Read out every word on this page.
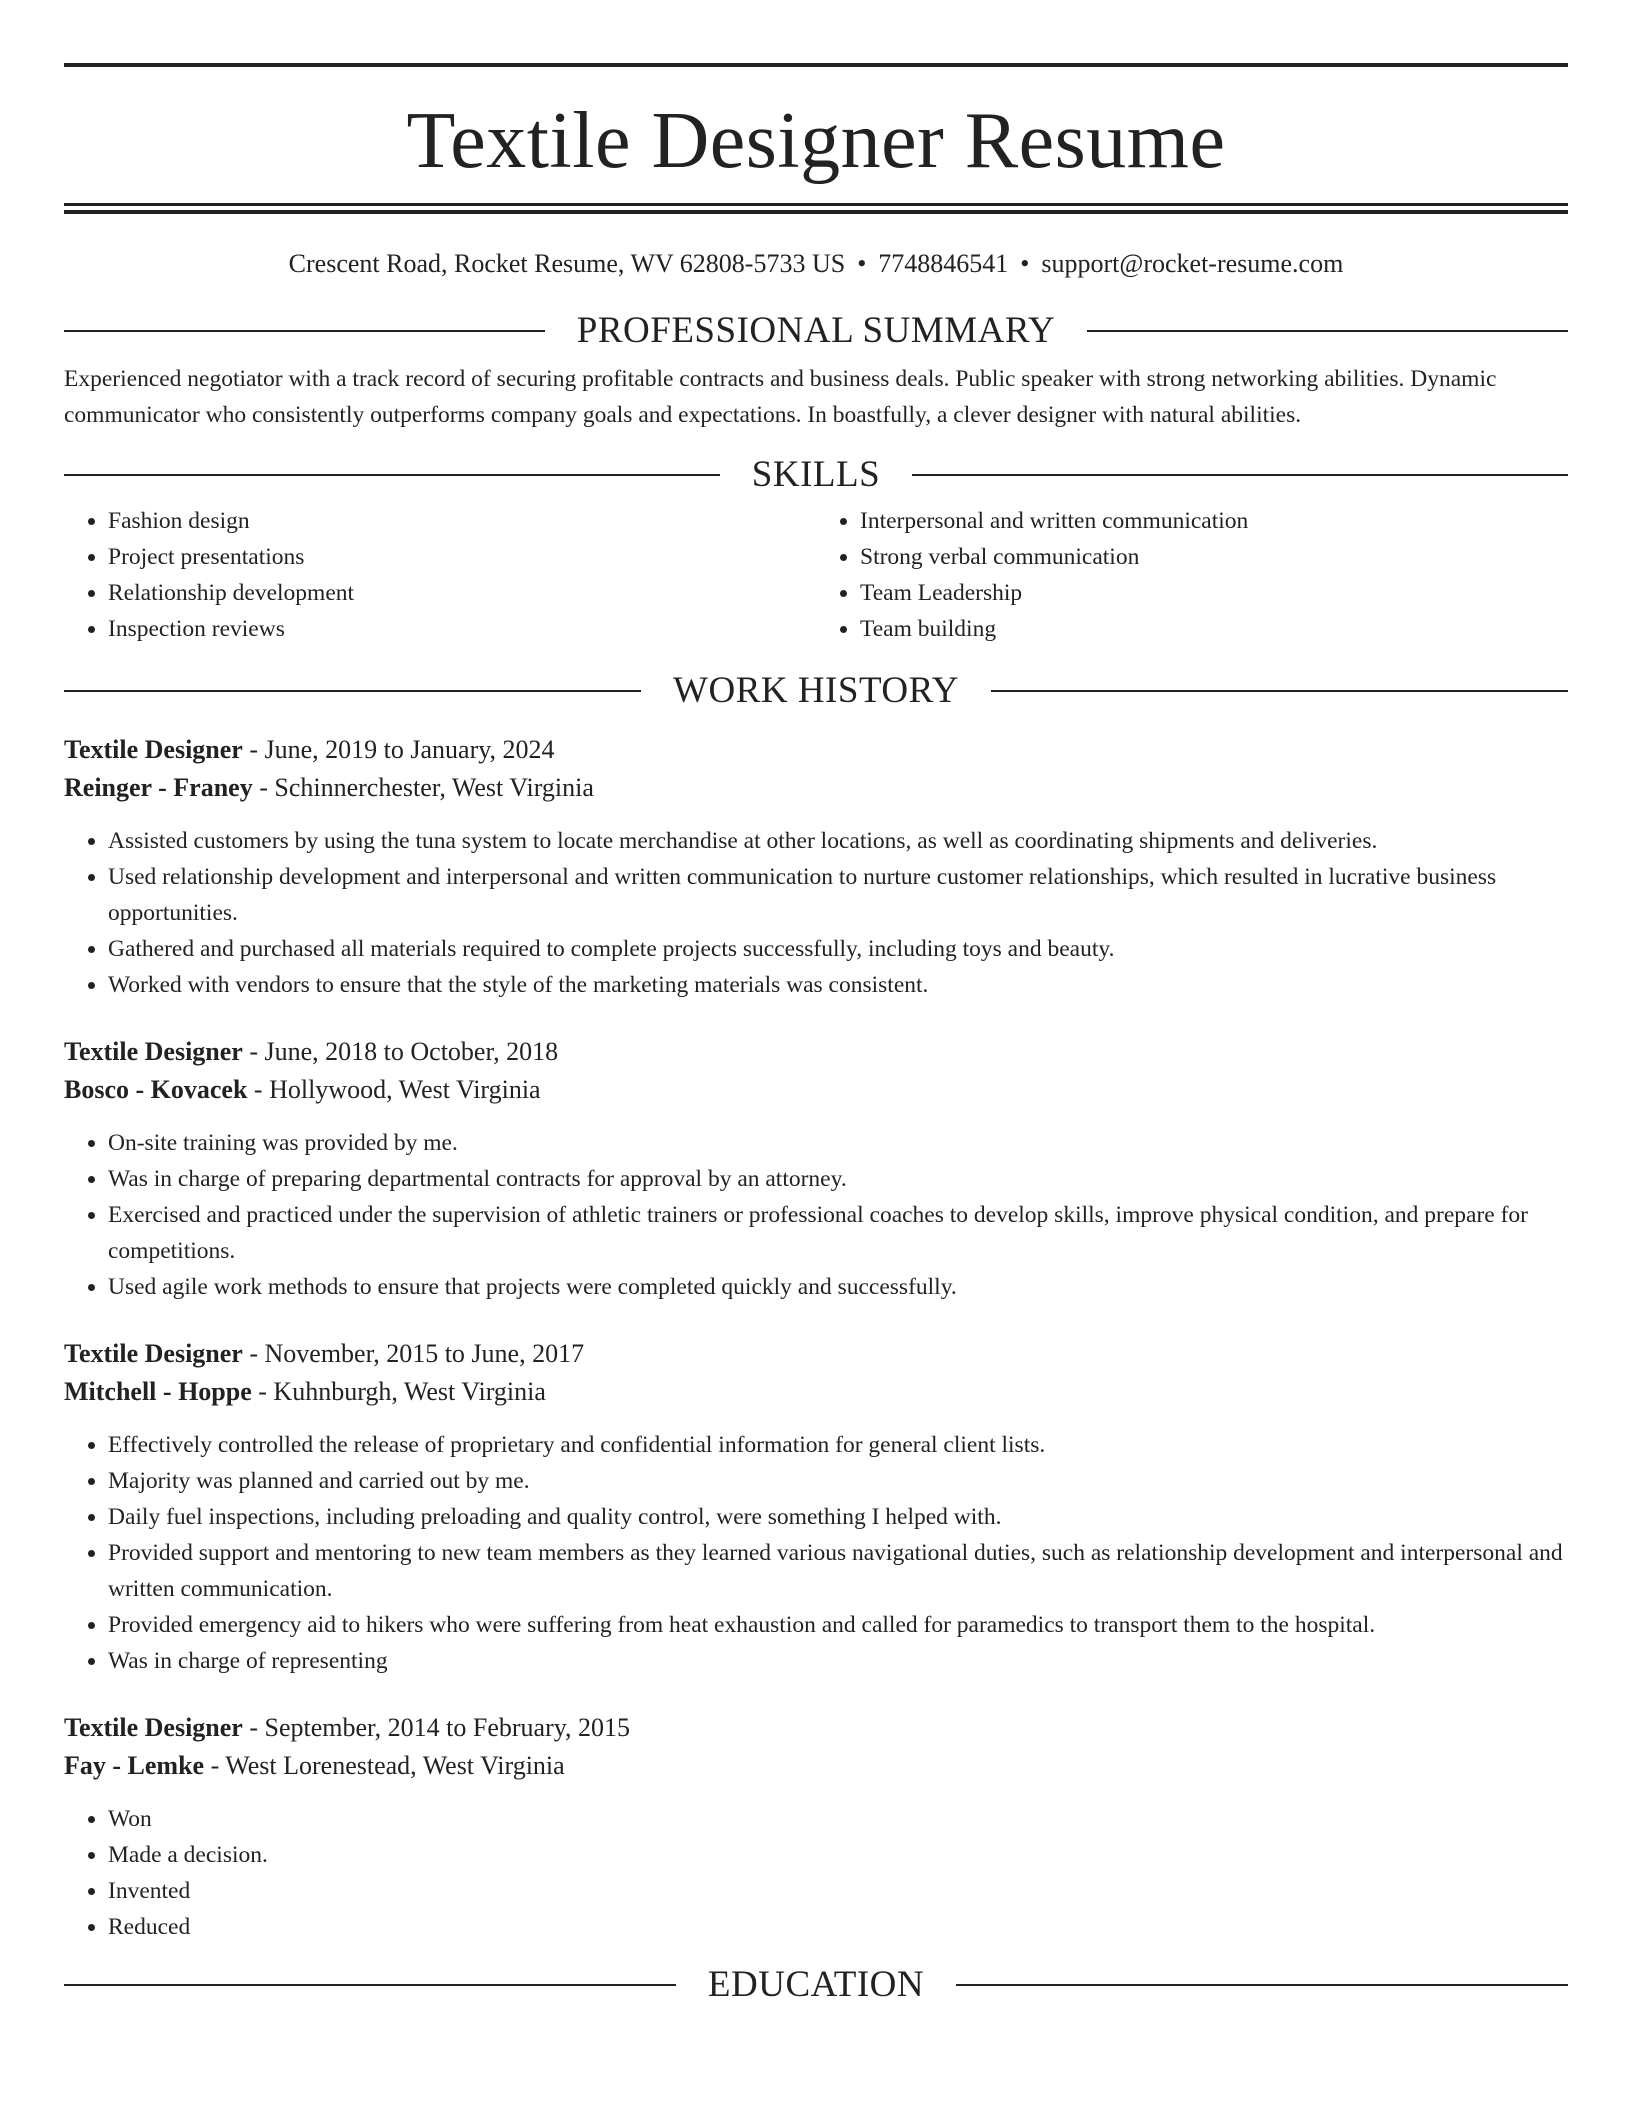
Textile Designer Resume
Crescent Road, Rocket Resume, WV 62808-5733 US • 7748846541 • support@rocket-resume.com
PROFESSIONAL SUMMARY
Experienced negotiator with a track record of securing profitable contracts and business deals. Public speaker with strong networking abilities. Dynamic communicator who consistently outperforms company goals and expectations. In boastfully, a clever designer with natural abilities.
SKILLS
• Fashion design
• Project presentations
• Relationship development
• Inspection reviews
• Interpersonal and written communication
• Strong verbal communication
• Team Leadership
• Team building
WORK HISTORY
Textile Designer - June, 2019 to January, 2024
Reinger - Franey - Schinnerchester, West Virginia
• Assisted customers by using the tuna system to locate merchandise at other locations, as well as coordinating shipments and deliveries.
• Used relationship development and interpersonal and written communication to nurture customer relationships, which resulted in lucrative business opportunities.
• Gathered and purchased all materials required to complete projects successfully, including toys and beauty.
• Worked with vendors to ensure that the style of the marketing materials was consistent.
Textile Designer - June, 2018 to October, 2018
Bosco - Kovacek - Hollywood, West Virginia
• On-site training was provided by me.
• Was in charge of preparing departmental contracts for approval by an attorney.
• Exercised and practiced under the supervision of athletic trainers or professional coaches to develop skills, improve physical condition, and prepare for competitions.
• Used agile work methods to ensure that projects were completed quickly and successfully.
Textile Designer - November, 2015 to June, 2017
Mitchell - Hoppe - Kuhnburgh, West Virginia
• Effectively controlled the release of proprietary and confidential information for general client lists.
• Majority was planned and carried out by me.
• Daily fuel inspections, including preloading and quality control, were something I helped with.
• Provided support and mentoring to new team members as they learned various navigational duties, such as relationship development and interpersonal and written communication.
• Provided emergency aid to hikers who were suffering from heat exhaustion and called for paramedics to transport them to the hospital.
• Was in charge of representing
Textile Designer - September, 2014 to February, 2015
Fay - Lemke - West Lorenestead, West Virginia
• Won
• Made a decision.
• Invented
• Reduced
EDUCATION
